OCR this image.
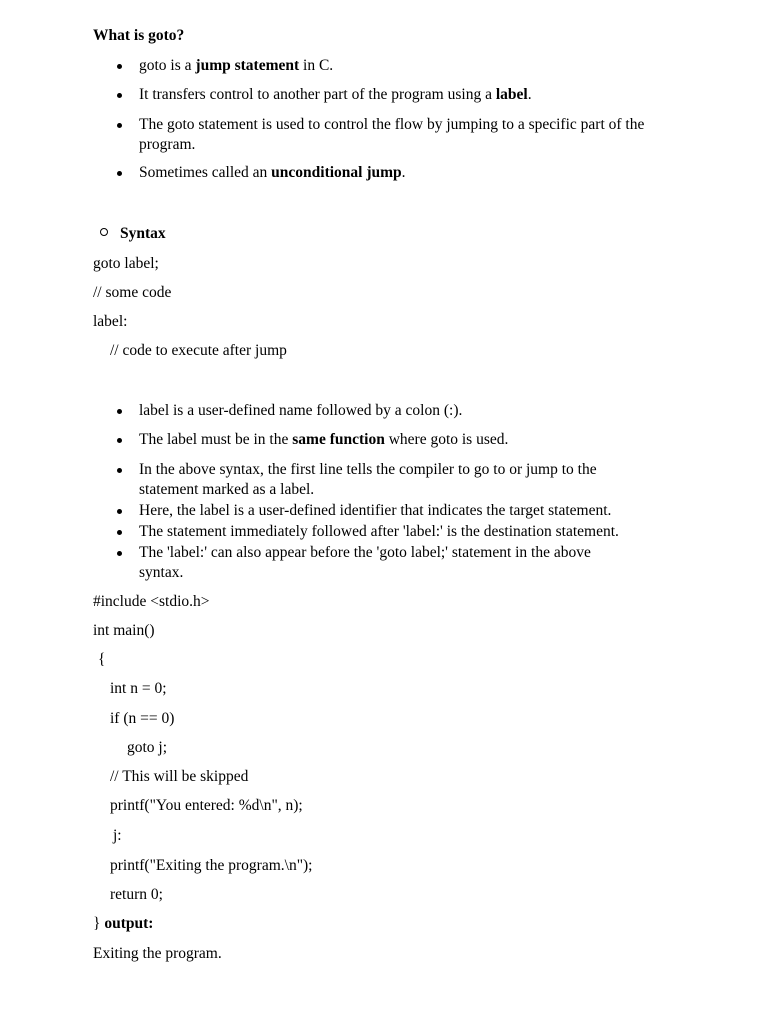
What is goto?
goto is a jump statement in C.
It transfers control to another part of the program using a label.
The goto statement is used to control the flow by jumping to a specific part of the program.
Sometimes called an unconditional jump.
Syntax
goto label;
// some code
label:
// code to execute after jump
label is a user-defined name followed by a colon (:).
The label must be in the same function where goto is used.
In the above syntax, the first line tells the compiler to go to or jump to the statement marked as a label.
Here, the label is a user-defined identifier that indicates the target statement.
The statement immediately followed after 'label:' is the destination statement.
The 'label:' can also appear before the 'goto label;' statement in the above syntax.
#include <stdio.h>
int main()
{
int n = 0;
if (n == 0)
goto j;
// This will be skipped
printf("You entered: %d\n", n);
j:
printf("Exiting the program.\n");
return 0;
} output:
Exiting the program.
